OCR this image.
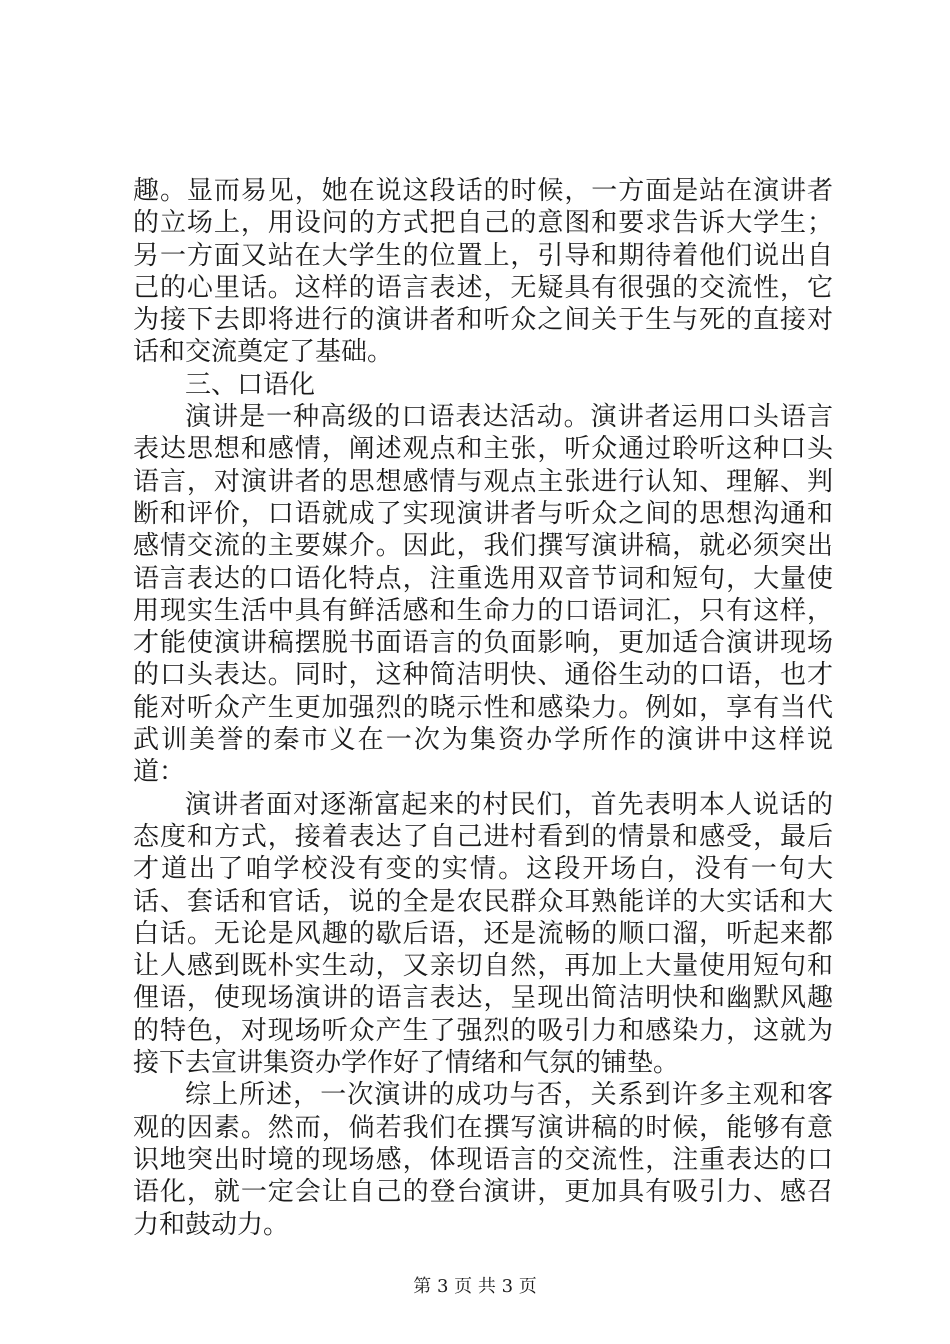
趣。显而易见，她在说这段话的时候，一方面是站在演讲者的立场上，用设问的方式把自己的意图和要求告诉大学生；另一方面又站在大学生的位置上，引导和期待着他们说出自己的心里话。这样的语言表述，无疑具有很强的交流性，它为接下去即将进行的演讲者和听众之间关于生与死的直接对话和交流奠定了基础。

三、口语化

演讲是一种高级的口语表达活动。演讲者运用口头语言表达思想和感情，阐述观点和主张，听众通过聆听这种口头语言，对演讲者的思想感情与观点主张进行认知、理解、判断和评价，口语就成了实现演讲者与听众之间的思想沟通和感情交流的主要媒介。因此，我们撰写演讲稿，就必须突出语言表达的口语化特点，注重选用双音节词和短句，大量使用现实生活中具有鲜活感和生命力的口语词汇，只有这样，才能使演讲稿摆脱书面语言的负面影响，更加适合演讲现场的口头表达。同时，这种简洁明快、通俗生动的口语，也才能对听众产生更加强烈的晓示性和感染力。例如，享有当代武训美誉的秦市义在一次为集资办学所作的演讲中这样说道：

演讲者面对逐渐富起来的村民们，首先表明本人说话的态度和方式，接着表达了自己进村看到的情景和感受，最后才道出了咱学校没有变的实情。这段开场白，没有一句大话、套话和官话，说的全是农民群众耳熟能详的大实话和大白话。无论是风趣的歇后语，还是流畅的顺口溜，听起来都让人感到既朴实生动，又亲切自然，再加上大量使用短句和俚语，使现场演讲的语言表达，呈现出简洁明快和幽默风趣的特色，对现场听众产生了强烈的吸引力和感染力，这就为接下去宣讲集资办学作好了情绪和气氛的铺垫。

综上所述，一次演讲的成功与否，关系到许多主观和客观的因素。然而，倘若我们在撰写演讲稿的时候，能够有意识地突出时境的现场感，体现语言的交流性，注重表达的口语化，就一定会让自己的登台演讲，更加具有吸引力、感召力和鼓动力。

第 3 页 共 3 页
